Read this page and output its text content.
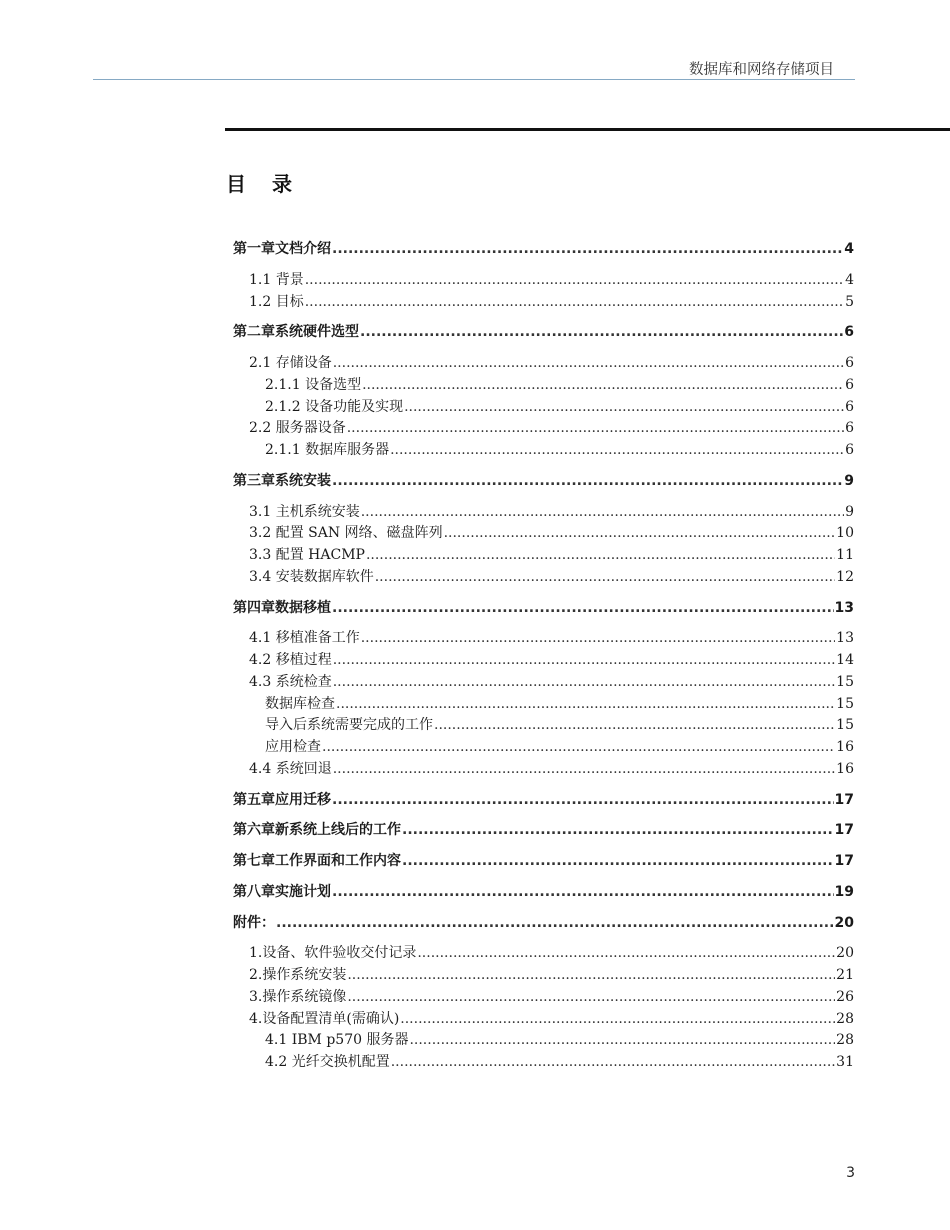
数据库和网络存储项目
目录
第一章文档介绍 .....	4
1.1 背景 .....	4
1.2 目标 .....	5
第二章系统硬件选型 .....	6
2.1 存储设备 .....	6
2.1.1 设备选型 .....	6
2.1.2 设备功能及实现 .....	6
2.2 服务器设备 .....	6
2.1.1 数据库服务器 .....	6
第三章系统安装 .....	9
3.1 主机系统安装 .....	9
3.2 配置 SAN 网络、磁盘阵列 .....	10
3.3 配置 HACMP .....	11
3.4 安装数据库软件 .....	12
第四章数据移植 .....	13
4.1 移植准备工作 .....	13
4.2 移植过程 .....	14
4.3 系统检查 .....	15
数据库检查 .....	15
导入后系统需要完成的工作 .....	15
应用检查 .....	16
4.4 系统回退 .....	16
第五章应用迁移 .....	17
第六章新系统上线后的工作 .....	17
第七章工作界面和工作内容 .....	17
第八章实施计划 .....	19
附件： .....	20
1.设备、软件验收交付记录 .....	20
2.操作系统安装 .....	21
3.操作系统镜像 .....	26
4.设备配置清单(需确认) .....	28
4.1 IBM p570 服务器 .....	28
4.2 光纤交换机配置 .....	31
3
